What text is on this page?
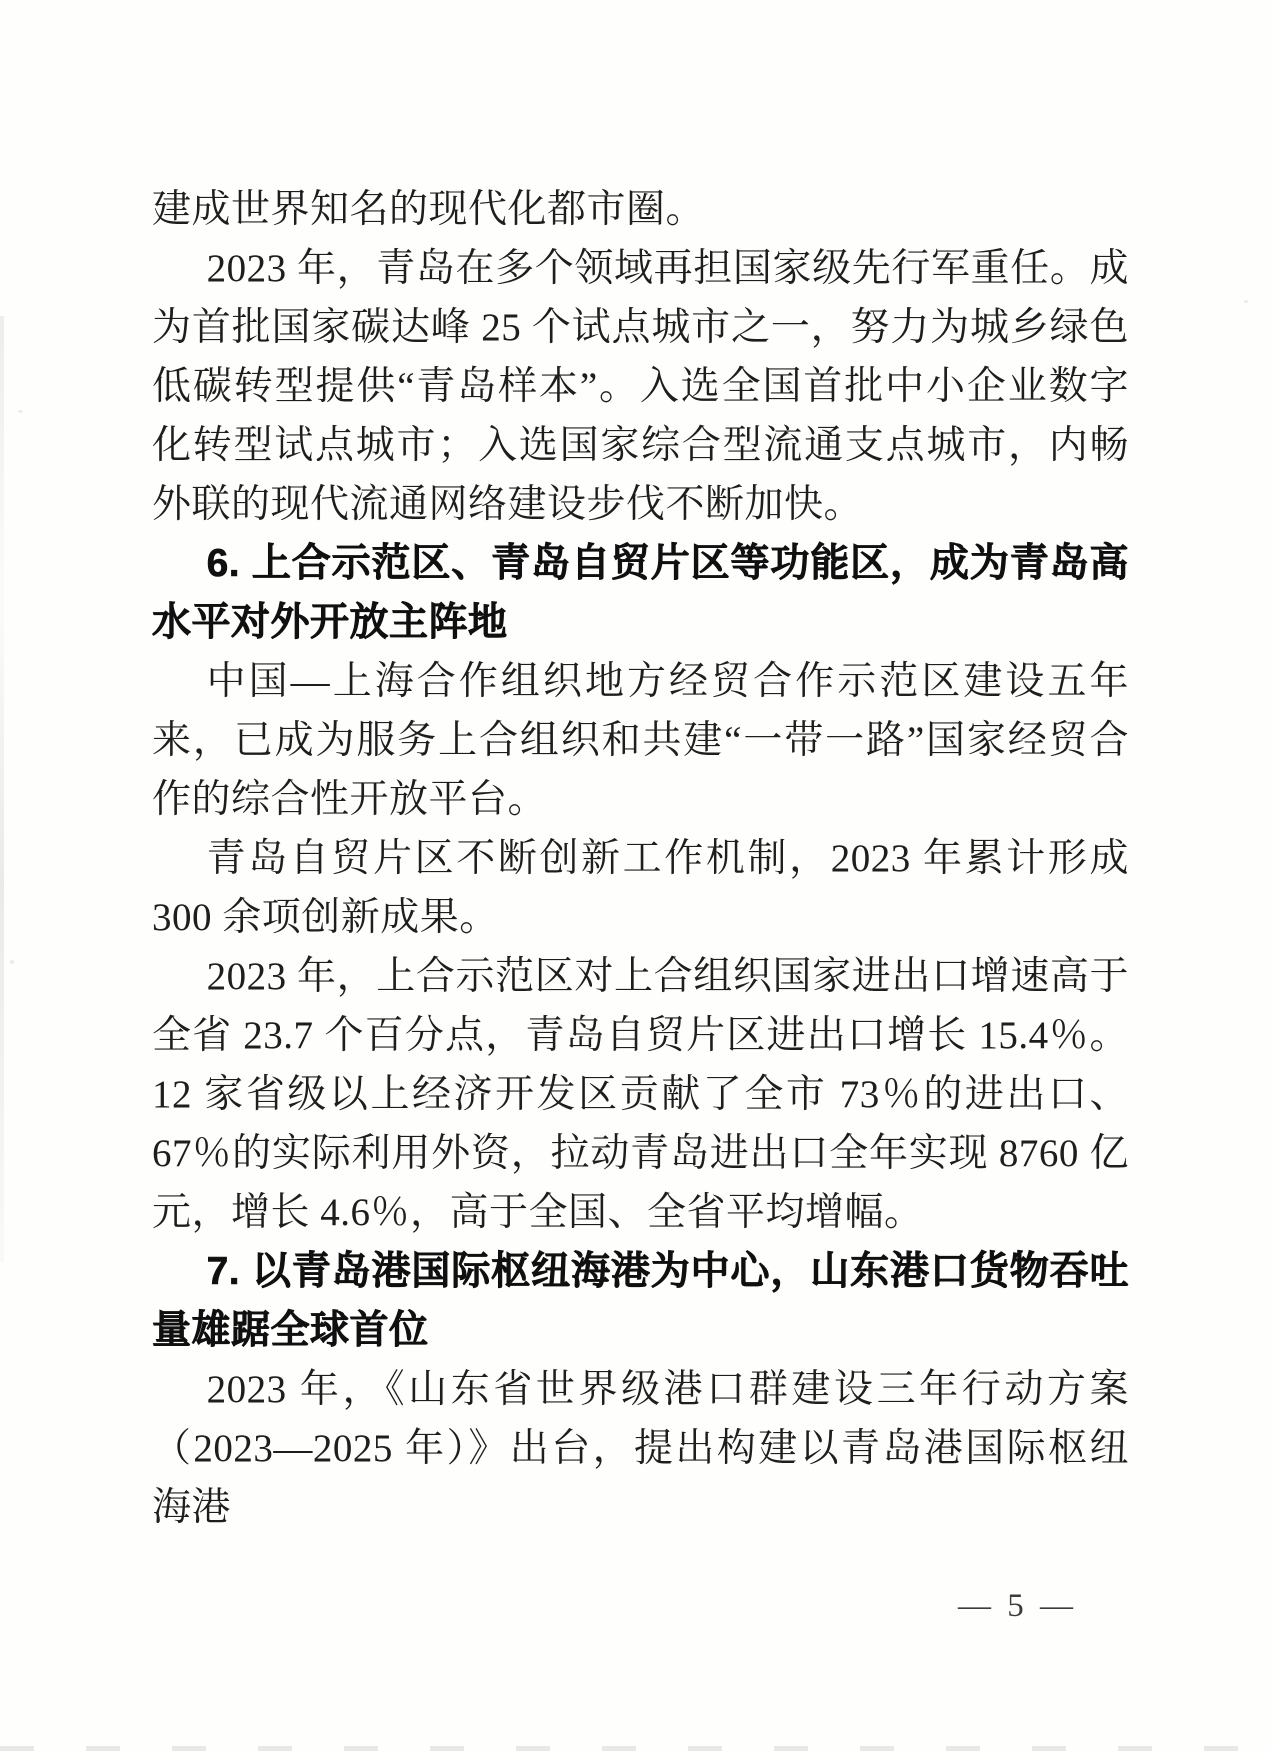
建成世界知名的现代化都市圈。

2023 年，青岛在多个领域再担国家级先行军重任。成为首批国家碳达峰 25 个试点城市之一，努力为城乡绿色低碳转型提供“青岛样本”。入选全国首批中小企业数字化转型试点城市；入选国家综合型流通支点城市，内畅外联的现代流通网络建设步伐不断加快。

6. 上合示范区、青岛自贸片区等功能区，成为青岛高水平对外开放主阵地

中国—上海合作组织地方经贸合作示范区建设五年来，已成为服务上合组织和共建“一带一路”国家经贸合作的综合性开放平台。

青岛自贸片区不断创新工作机制，2023 年累计形成 300 余项创新成果。

2023 年，上合示范区对上合组织国家进出口增速高于全省 23.7 个百分点，青岛自贸片区进出口增长 15.4％。12 家省级以上经济开发区贡献了全市 73％的进出口、67％的实际利用外资，拉动青岛进出口全年实现 8760 亿元，增长 4.6％，高于全国、全省平均增幅。

7. 以青岛港国际枢纽海港为中心，山东港口货物吞吐量雄踞全球首位

2023 年，《山东省世界级港口群建设三年行动方案（2023—2025 年）》出台，提出构建以青岛港国际枢纽海港

— 5 —
